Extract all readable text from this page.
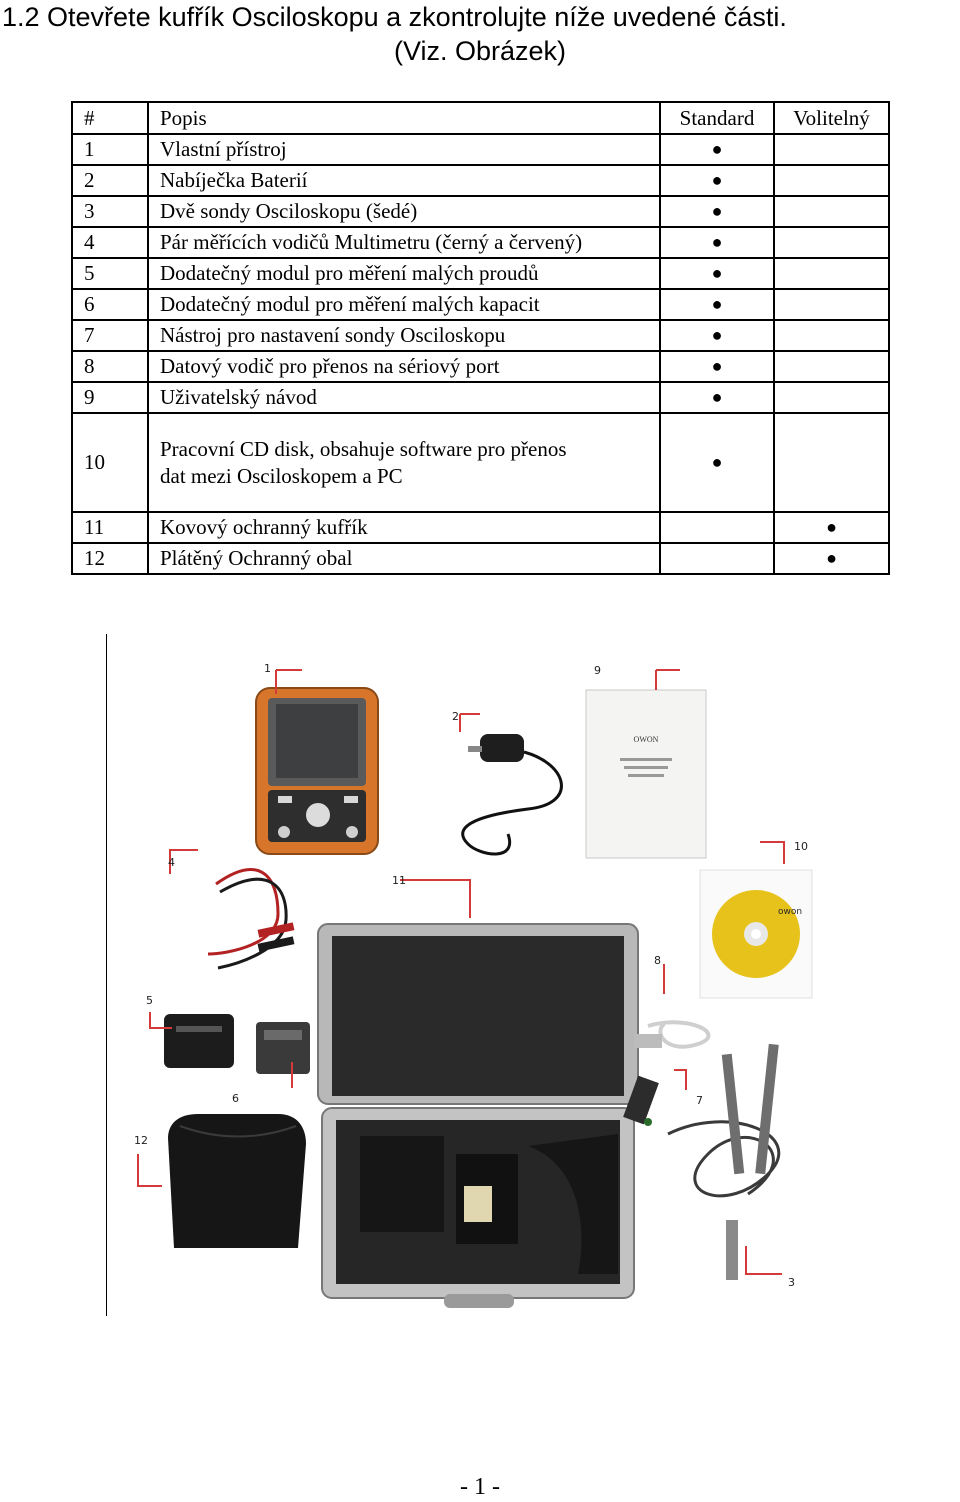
1.2 Otevřete kufřík Osciloskopu a zkontrolujte níže uvedené části.
(Viz. Obrázek)
#	Popis	Standard	Volitelný
1	Vlastní přístroj	●	
2	Nabíječka Baterií	●	
3	Dvě sondy Osciloskopu (šedé)	●	
4	Pár měřících vodičů Multimetru (černý a červený)	●	
5	Dodatečný modul pro měření malých proudů	●	
6	Dodatečný modul pro měření malých kapacit	●	
7	Nástroj pro nastavení sondy Osciloskopu	●	
8	Datový vodič pro přenos na sériový port	●	
9	Uživatelský návod	●	
10	Pracovní CD disk, obsahuje software pro přenos
dat mezi Osciloskopem a PC	●	
11	Kovový ochranný kufřík		●
12	Plátěný Ochranný obal		●
OWON
owon
1
2
3
4
5
6	7
8
9
10
11
12
- 1 -
